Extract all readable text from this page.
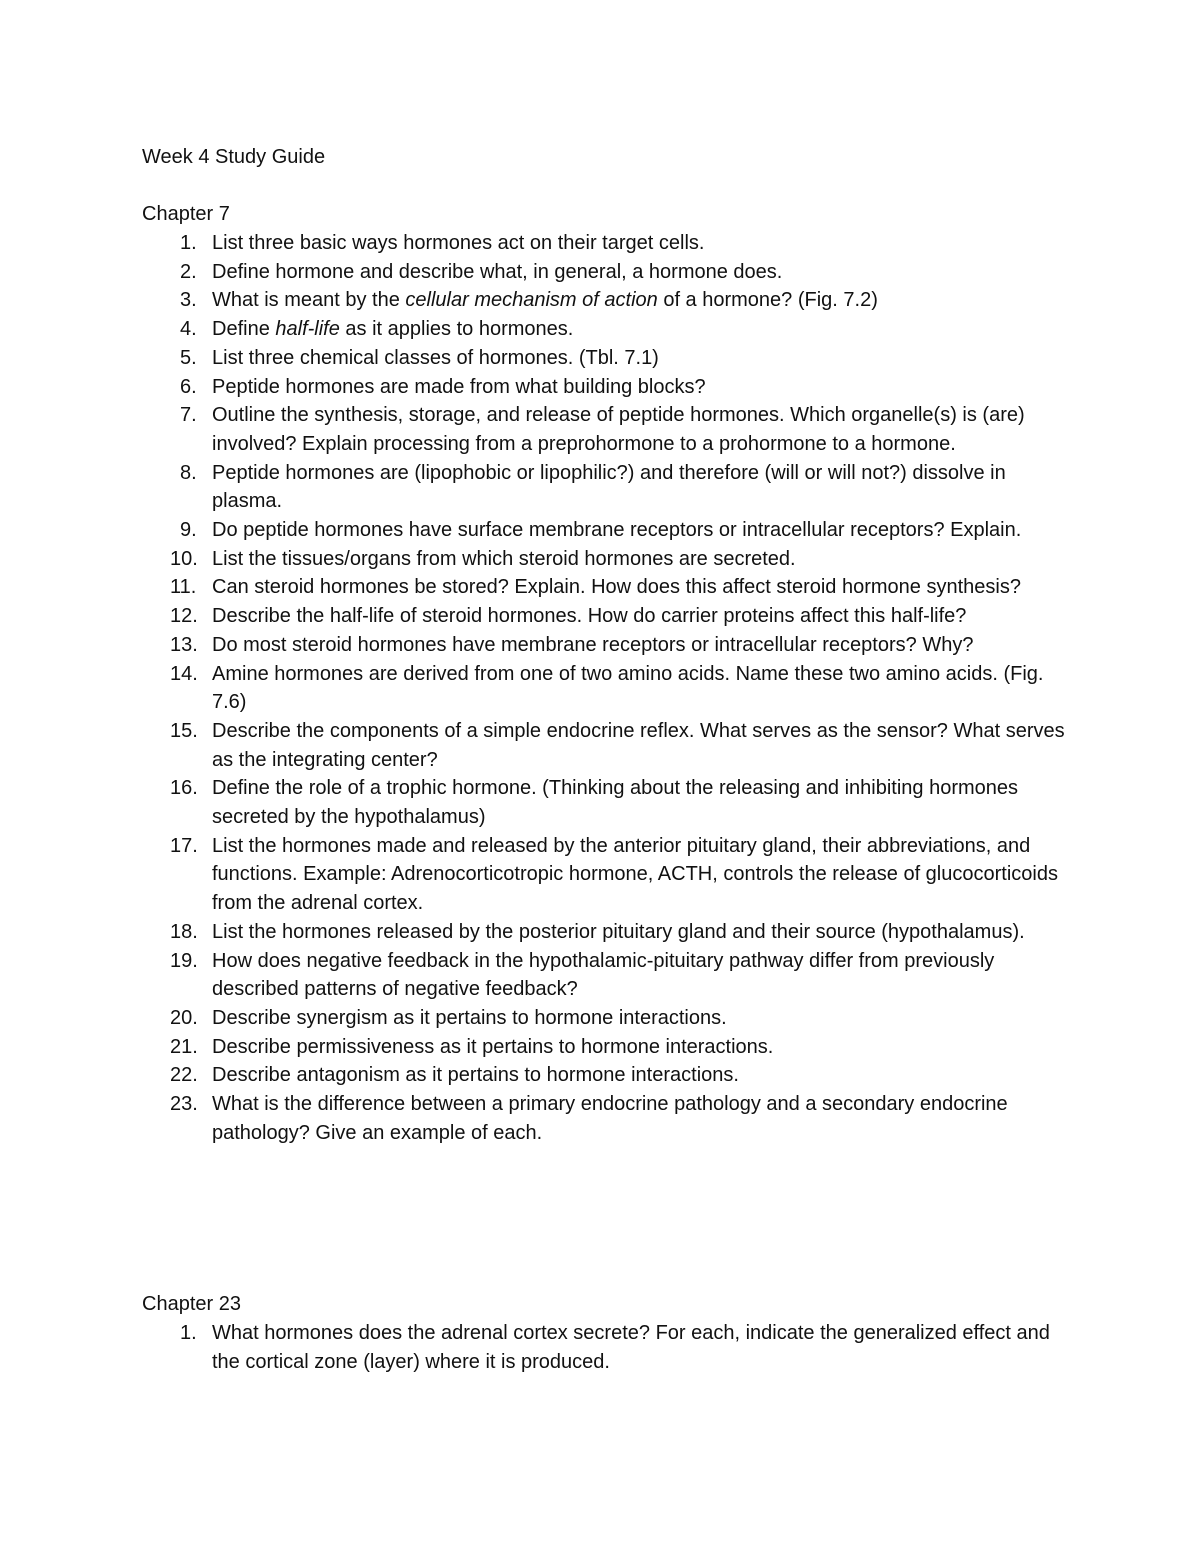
Week 4 Study Guide
Chapter 7
1. List three basic ways hormones act on their target cells.
2. Define hormone and describe what, in general, a hormone does.
3. What is meant by the cellular mechanism of action of a hormone? (Fig. 7.2)
4. Define half-life as it applies to hormones.
5. List three chemical classes of hormones. (Tbl. 7.1)
6. Peptide hormones are made from what building blocks?
7. Outline the synthesis, storage, and release of peptide hormones. Which organelle(s) is (are) involved? Explain processing from a preprohormone to a prohormone to a hormone.
8. Peptide hormones are (lipophobic or lipophilic?) and therefore (will or will not?) dissolve in plasma.
9. Do peptide hormones have surface membrane receptors or intracellular receptors? Explain.
10. List the tissues/organs from which steroid hormones are secreted.
11. Can steroid hormones be stored? Explain. How does this affect steroid hormone synthesis?
12. Describe the half-life of steroid hormones. How do carrier proteins affect this half-life?
13. Do most steroid hormones have membrane receptors or intracellular receptors? Why?
14. Amine hormones are derived from one of two amino acids. Name these two amino acids. (Fig. 7.6)
15. Describe the components of a simple endocrine reflex. What serves as the sensor? What serves as the integrating center?
16. Define the role of a trophic hormone. (Thinking about the releasing and inhibiting hormones secreted by the hypothalamus)
17. List the hormones made and released by the anterior pituitary gland, their abbreviations, and functions. Example: Adrenocorticotropic hormone, ACTH, controls the release of glucocorticoids from the adrenal cortex.
18. List the hormones released by the posterior pituitary gland and their source (hypothalamus).
19. How does negative feedback in the hypothalamic-pituitary pathway differ from previously described patterns of negative feedback?
20. Describe synergism as it pertains to hormone interactions.
21. Describe permissiveness as it pertains to hormone interactions.
22. Describe antagonism as it pertains to hormone interactions.
23. What is the difference between a primary endocrine pathology and a secondary endocrine pathology? Give an example of each.
Chapter 23
1. What hormones does the adrenal cortex secrete? For each, indicate the generalized effect and the cortical zone (layer) where it is produced.
